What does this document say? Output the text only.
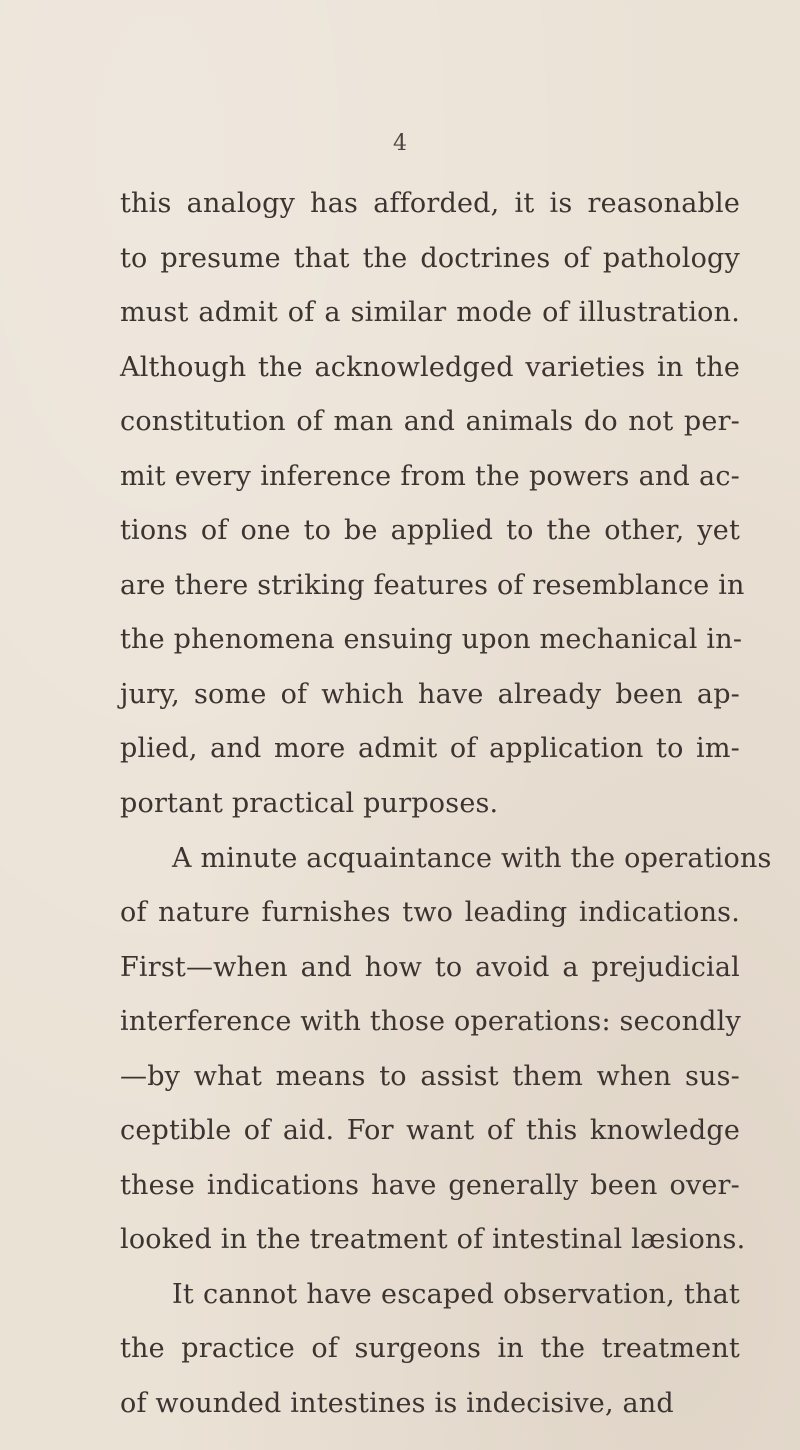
4
this analogy has afforded, it is reasonable
to presume that the doctrines of pathology
must admit of a similar mode of illustration.
Although the acknowledged varieties in the
constitution of man and animals do not per-
mit every inference from the powers and ac-
tions of one to be applied to the other, yet
are there striking features of resemblance in
the phenomena ensuing upon mechanical in-
jury, some of which have already been ap-
plied, and more admit of application to im-
portant practical purposes.
A minute acquaintance with the operations
of nature furnishes two leading indications.
First—when and how to avoid a prejudicial
interference with those operations: secondly
—by what means to assist them when sus-
ceptible of aid. For want of this knowledge
these indications have generally been over-
looked in the treatment of intestinal læsions.
It cannot have escaped observation, that
the practice of surgeons in the treatment
of wounded intestines is indecisive, and
